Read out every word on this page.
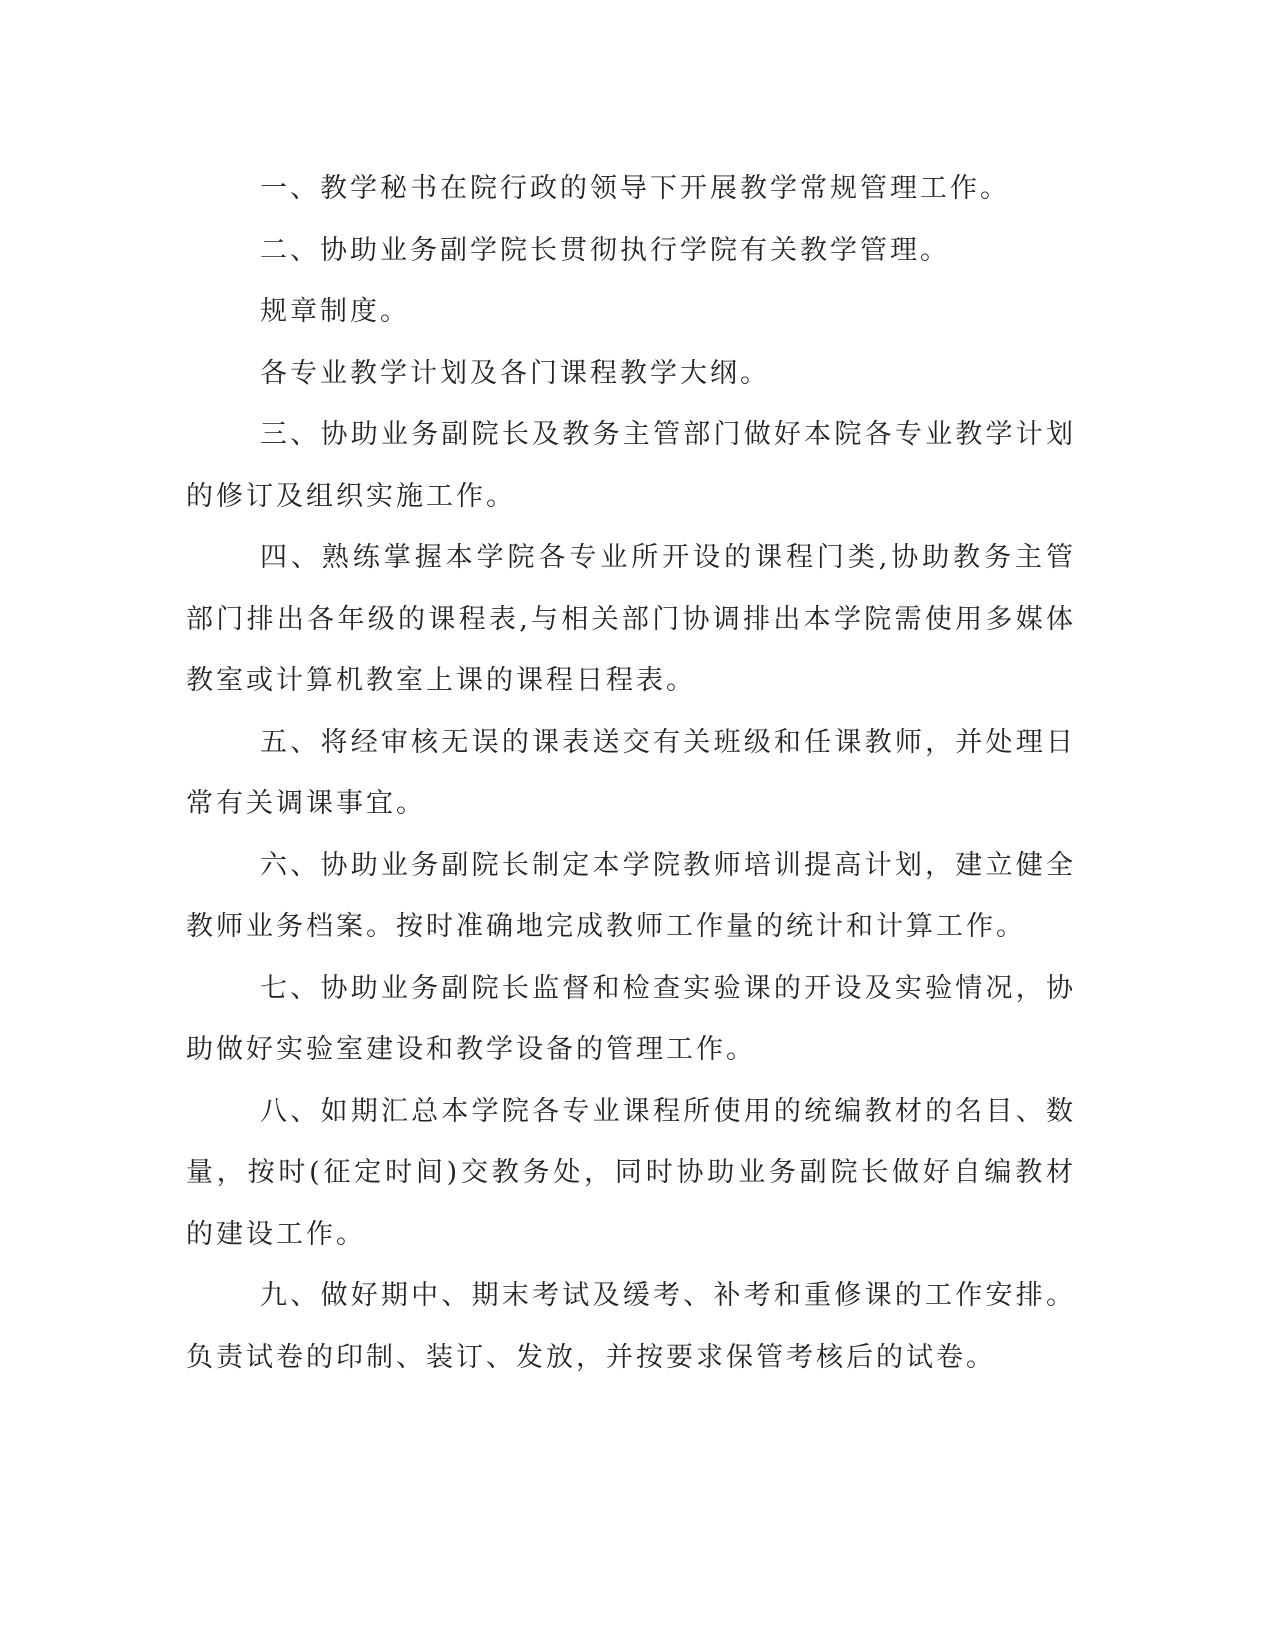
一、教学秘书在院行政的领导下开展教学常规管理工作。

二、协助业务副学院长贯彻执行学院有关教学管理。

规章制度。

各专业教学计划及各门课程教学大纲。

三、协助业务副院长及教务主管部门做好本院各专业教学计划的修订及组织实施工作。

四、熟练掌握本学院各专业所开设的课程门类,协助教务主管部门排出各年级的课程表,与相关部门协调排出本学院需使用多媒体教室或计算机教室上课的课程日程表。

五、将经审核无误的课表送交有关班级和任课教师，并处理日常有关调课事宜。

六、协助业务副院长制定本学院教师培训提高计划，建立健全教师业务档案。按时准确地完成教师工作量的统计和计算工作。

七、协助业务副院长监督和检查实验课的开设及实验情况，协助做好实验室建设和教学设备的管理工作。

八、如期汇总本学院各专业课程所使用的统编教材的名目、数量，按时(征定时间)交教务处，同时协助业务副院长做好自编教材的建设工作。

九、做好期中、期末考试及缓考、补考和重修课的工作安排。负责试卷的印制、装订、发放，并按要求保管考核后的试卷。
